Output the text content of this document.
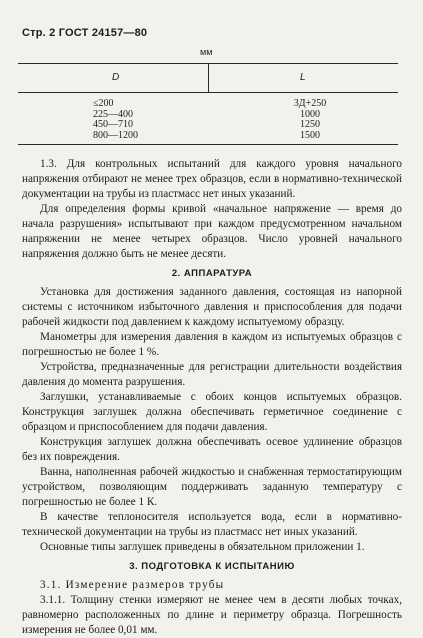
Стр. 2 ГОСТ 24157—80
мм
D	L
≤200
225—400
450—710
800—1200
3Д+250
1000
1250
1500

1.3. Для контрольных испытаний для каждого уровня начального напряжения отбирают не менее трех образцов, если в нормативно-технической документации на трубы из пластмасс нет иных указаний.

Для определения формы кривой «начальное напряжение — время до начала разрушения» испытывают при каждом предусмотренном начальном напряжении не менее четырех образцов. Число уровней начального напряжения должно быть не менее десяти.

2. АППАРАТУРА

Установка для достижения заданного давления, состоящая из напорной системы с источником избыточного давления и приспособления для подачи рабочей жидкости под давлением к каждому испытуемому образцу.

Манометры для измерения давления в каждом из испытуемых образцов с погрешностью не более 1 %.

Устройства, предназначенные для регистрации длительности воздействия давления до момента разрушения.

Заглушки, устанавливаемые с обоих концов испытуемых образцов. Конструкция заглушек должна обеспечивать герметичное соединение с образцом и приспособлением для подачи давления.

Конструкция заглушек должна обеспечивать осевое удлинение образцов без их повреждения.

Ванна, наполненная рабочей жидкостью и снабженная термостатирующим устройством, позволяющим поддерживать заданную температуру с погрешностью не более 1 К.

В качестве теплоносителя используется вода, если в нормативно-технической документации на трубы из пластмасс нет иных указаний.

Основные типы заглушек приведены в обязательном приложении 1.

3. ПОДГОТОВКА К ИСПЫТАНИЮ

3.1. Измерение размеров трубы

3.1.1. Толщину стенки измеряют не менее чем в десяти любых точках, равномерно расположенных по длине и периметру образца. Погрешность измерения не более 0,01 мм.
